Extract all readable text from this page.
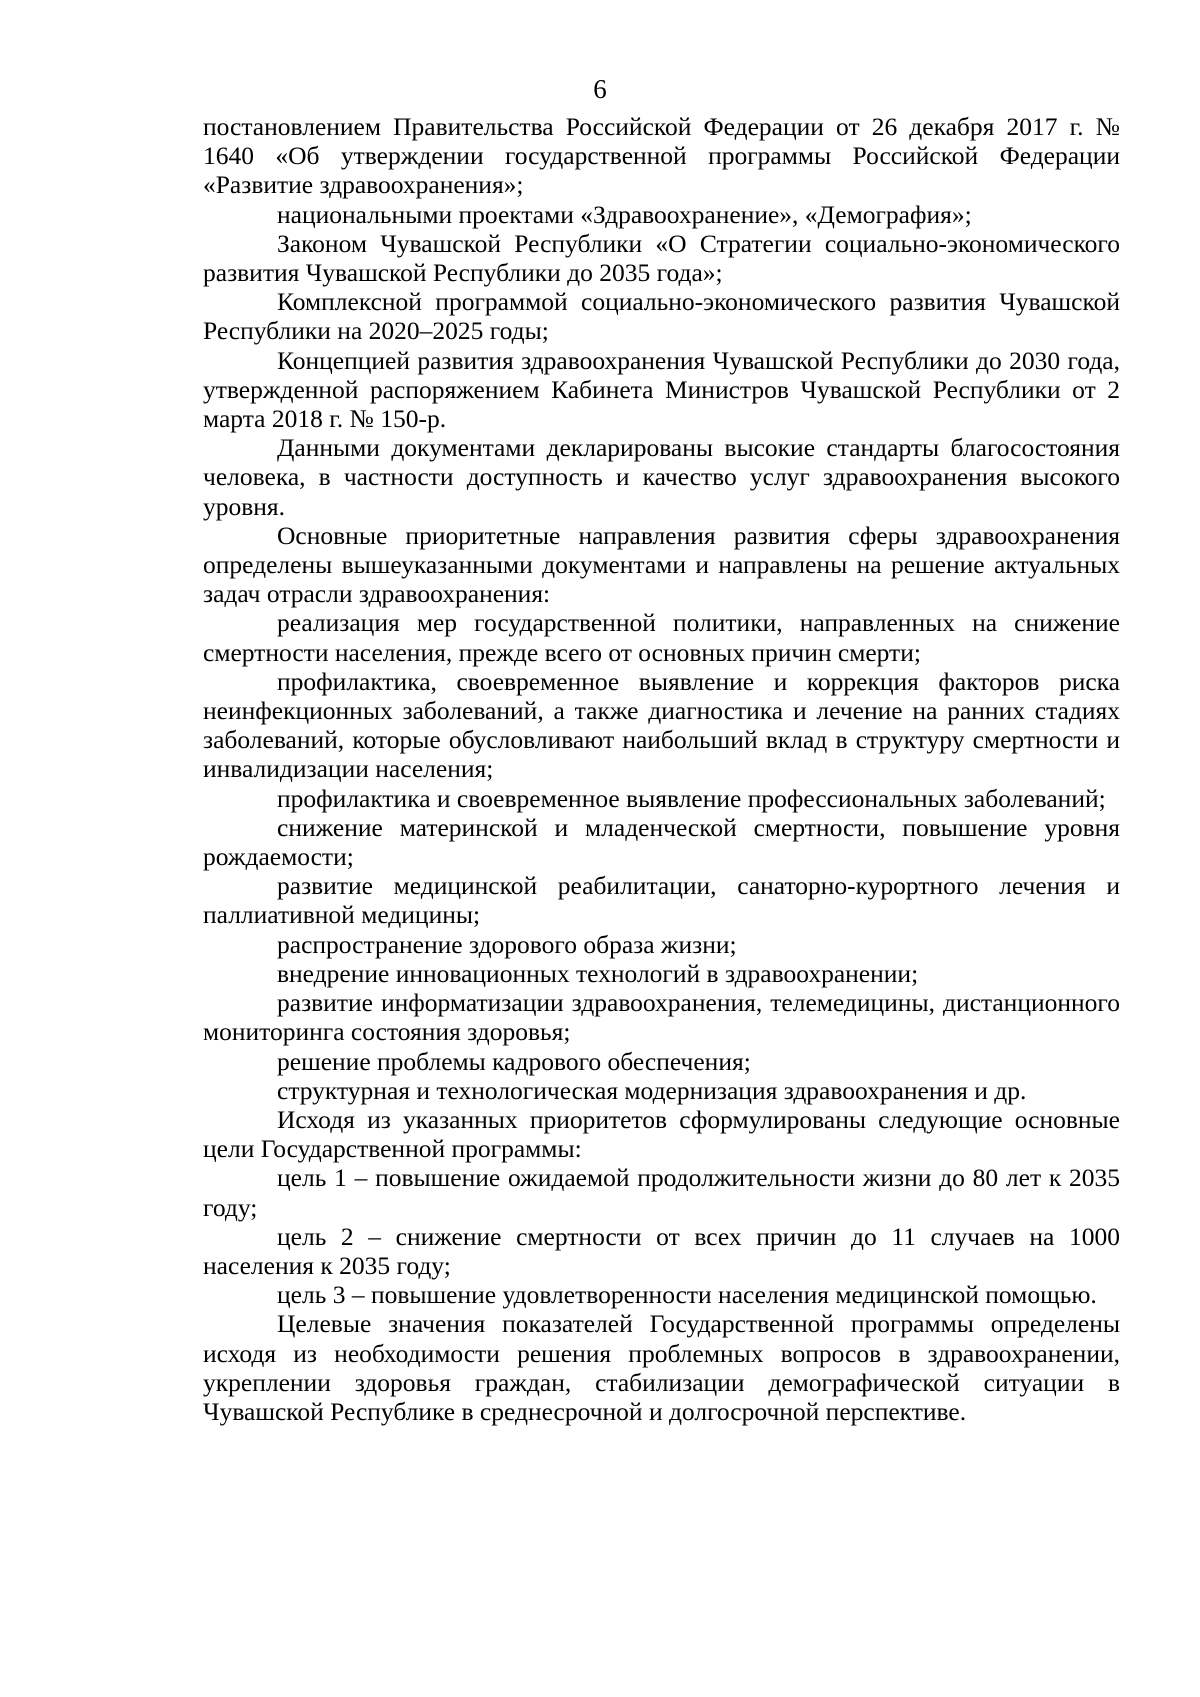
6

постановлением Правительства Российской Федерации от 26 декабря 2017 г. № 1640 «Об утверждении государственной программы Российской Федерации «Развитие здравоохранения»;

национальными проектами «Здравоохранение», «Демография»;

Законом Чувашской Республики «О Стратегии социально-экономического развития Чувашской Республики до 2035 года»;

Комплексной программой социально-экономического развития Чувашской Республики на 2020–2025 годы;

Концепцией развития здравоохранения Чувашской Республики до 2030 года, утвержденной распоряжением Кабинета Министров Чувашской Республики от 2 марта 2018 г. № 150-р.

Данными документами декларированы высокие стандарты благосостояния человека, в частности доступность и качество услуг здравоохранения высокого уровня.

Основные приоритетные направления развития сферы здравоохранения определены вышеуказанными документами и направлены на решение актуальных задач отрасли здравоохранения:

реализация мер государственной политики, направленных на снижение смертности населения, прежде всего от основных причин смерти;

профилактика, своевременное выявление и коррекция факторов риска неинфекционных заболеваний, а также диагностика и лечение на ранних стадиях заболеваний, которые обусловливают наибольший вклад в структуру смертности и инвалидизации населения;

профилактика и своевременное выявление профессиональных заболеваний;

снижение материнской и младенческой смертности, повышение уровня рождаемости;

развитие медицинской реабилитации, санаторно-курортного лечения и паллиативной медицины;

распространение здорового образа жизни;

внедрение инновационных технологий в здравоохранении;

развитие информатизации здравоохранения, телемедицины, дистанционного мониторинга состояния здоровья;

решение проблемы кадрового обеспечения;

структурная и технологическая модернизация здравоохранения и др.

Исходя из указанных приоритетов сформулированы следующие основные цели Государственной программы:

цель 1 – повышение ожидаемой продолжительности жизни до 80 лет к 2035 году;

цель 2 – снижение смертности от всех причин до 11 случаев на 1000 населения к 2035 году;

цель 3 – повышение удовлетворенности населения медицинской помощью.

Целевые значения показателей Государственной программы определены исходя из необходимости решения проблемных вопросов в здравоохранении, укреплении здоровья граждан, стабилизации демографической ситуации в Чувашской Республике в среднесрочной и долгосрочной перспективе.
